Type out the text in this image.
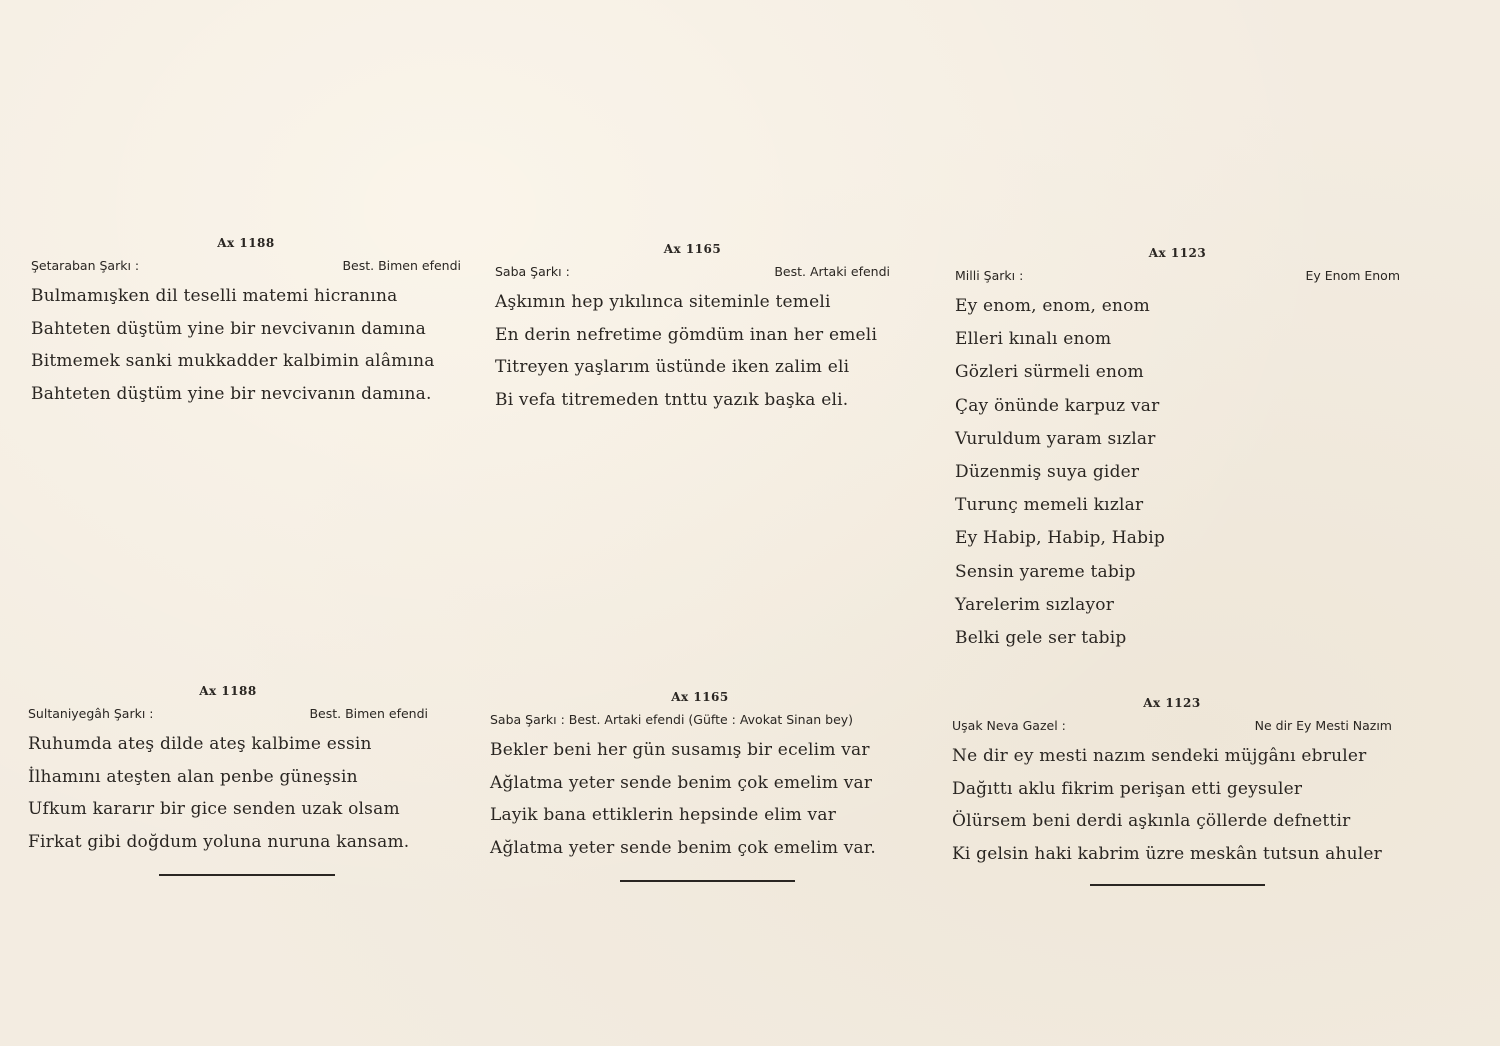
Ax 1188
Şetaraban Şarkı :	Best. Bimen efendi
Bulmamışken dil teselli matemi hicranına
Bahteten düştüm yine bir nevcivanın damına
Bitmemek sanki mukkadder kalbimin alâmına
Bahteten düştüm yine bir nevcivanın damına.
Ax 1165
Saba Şarkı :	Best. Artaki efendi
Aşkımın hep yıkılınca siteminle temeli
En derin nefretime gömdüm inan her emeli
Titreyen yaşlarım üstünde iken zalim eli
Bi vefa titremeden tnttu yazık başka eli.
Ax 1123
Milli Şarkı :	Ey Enom Enom
Ey enom, enom, enom
Elleri kınalı enom
Gözleri sürmeli enom
Çay önünde karpuz var
Vuruldum yaram sızlar
Düzenmiş suya gider
Turunç memeli kızlar
Ey Habip, Habip, Habip
Sensin yareme tabip
Yarelerim sızlayor
Belki gele ser tabip
Ax 1188
Sultaniyegâh Şarkı :	Best. Bimen efendi
Ruhumda ateş dilde ateş kalbime essin
İlhamını ateşten alan penbe güneşsin
Ufkum kararır bir gice senden uzak olsam
Firkat gibi doğdum yoluna nuruna kansam.
Ax 1165
Saba Şarkı : Best. Artaki efendi (Güfte : Avokat Sinan bey)
Bekler beni her gün susamış bir ecelim var
Ağlatma yeter sende benim çok emelim var
Layik bana ettiklerin hepsinde elim var
Ağlatma yeter sende benim çok emelim var.
Ax 1123
Uşak Neva Gazel :	Ne dir Ey Mesti Nazım
Ne dir ey mesti nazım sendeki müjgânı ebruler
Dağıttı aklu fikrim perişan etti geysuler
Ölürsem beni derdi aşkınla çöllerde defnettir
Ki gelsin haki kabrim üzre meskân tutsun ahuler
